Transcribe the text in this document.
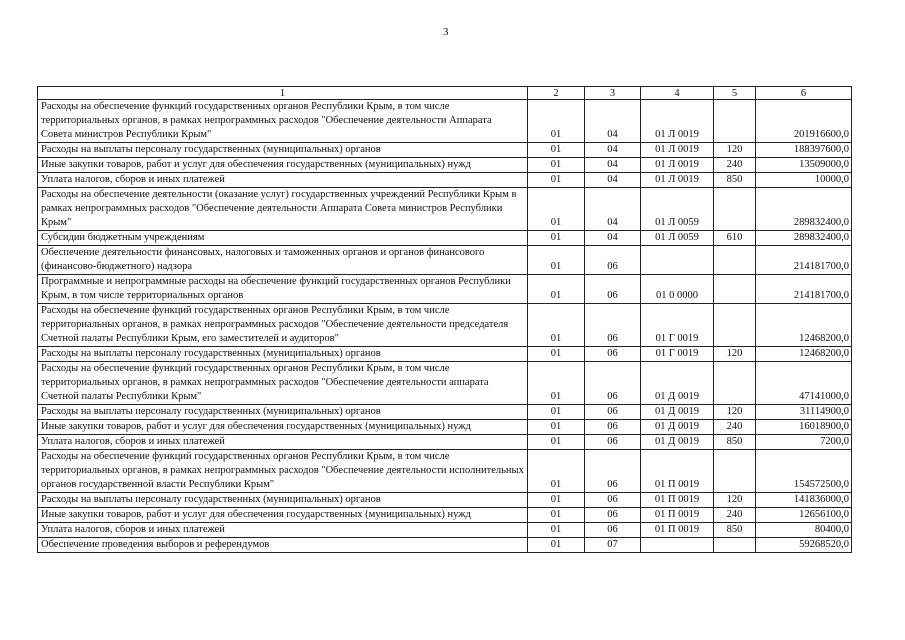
3
1	2	3	4	5	6
Расходы на обеспечение функций государственных органов Республики Крым, в том числе территориальных органов, в рамках непрограммных расходов "Обеспечение деятельности Аппарата Совета министров Республики Крым"	01	04	01 Л 0019		201916600,0
Расходы на выплаты персоналу государственных (муниципальных) органов	01	04	01 Л 0019	120	188397600,0
Иные закупки товаров, работ и услуг для обеспечения государственных (муниципальных) нужд	01	04	01 Л 0019	240	13509000,0
Уплата налогов, сборов и иных платежей	01	04	01 Л 0019	850	10000,0
Расходы на обеспечение деятельности (оказание услуг) государственных учреждений Республики Крым в рамках непрограммных расходов "Обеспечение деятельности Аппарата Совета министров Республики Крым"	01	04	01 Л 0059		289832400,0
Субсидии бюджетным учреждениям	01	04	01 Л 0059	610	289832400,0
Обеспечение деятельности финансовых, налоговых и таможенных органов и органов финансового (финансово-бюджетного) надзора	01	06			214181700,0
Программные и непрограммные расходы на обеспечение функций государственных органов Республики Крым, в том числе территориальных органов	01	06	01 0 0000		214181700,0
Расходы на обеспечение функций государственных органов Республики Крым, в том числе территориальных органов, в рамках непрограммных расходов "Обеспечение деятельности председателя Счетной палаты Республики Крым, его заместителей и аудиторов"	01	06	01 Г 0019		12468200,0
Расходы на выплаты персоналу государственных (муниципальных) органов	01	06	01 Г 0019	120	12468200,0
Расходы на обеспечение функций государственных органов Республики Крым, в том числе территориальных органов, в рамках непрограммных расходов "Обеспечение деятельности аппарата Счетной палаты Республики Крым"	01	06	01 Д 0019		47141000,0
Расходы на выплаты персоналу государственных (муниципальных) органов	01	06	01 Д 0019	120	31114900,0
Иные закупки товаров, работ и услуг для обеспечения государственных (муниципальных) нужд	01	06	01 Д 0019	240	16018900,0
Уплата налогов, сборов и иных платежей	01	06	01 Д 0019	850	7200,0
Расходы на обеспечение функций государственных органов Республики Крым, в том числе территориальных органов, в рамках непрограммных расходов "Обеспечение деятельности исполнительных органов государственной власти Республики Крым"	01	06	01 П 0019		154572500,0
Расходы на выплаты персоналу государственных (муниципальных) органов	01	06	01 П 0019	120	141836000,0
Иные закупки товаров, работ и услуг для обеспечения государственных (муниципальных) нужд	01	06	01 П 0019	240	12656100,0
Уплата налогов, сборов и иных платежей	01	06	01 П 0019	850	80400,0
Обеспечение проведения выборов и референдумов	01	07			59268520,0
